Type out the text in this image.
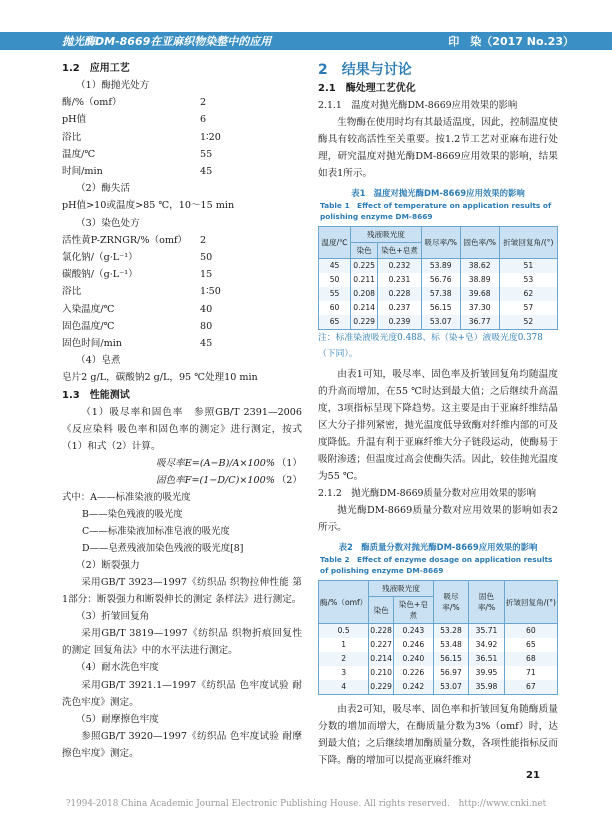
抛光酶DM-8669在亚麻织物染整中的应用	印　染（2017 No.23）
1.2　应用工艺
（1）酶抛光处方
酶/%（omf）	2
pH值	6
浴比	1∶20
温度/℃	55
时间/min	45
（2）酶失活
pH值>10或温度>85 ℃，10～15 min
（3）染色处方
活性黄P-ZRNGR/%（omf）	2
氯化钠/（g·L⁻¹）	50
碳酸钠/（g·L⁻¹）	15
浴比	1∶50
入染温度/℃	40
固色温度/℃	80
固色时间/min	45
（4）皂煮
皂片2 g/L，碳酸钠2 g/L，95 ℃处理10 min
1.3　性能测试
（1）吸尽率和固色率　参照GB/T 2391—2006《反应染料 吸色率和固色率的测定》进行测定，按式（1）和式（2）计算。
吸尽率E=(A−B)/A×100% （1）
固色率F=(1−D/C)×100% （2）
式中：A——标准染液的吸光度
B——染色残液的吸光度
C——标准染液加标准皂液的吸光度
D——皂煮残液加染色残液的吸光度[8]
（2）断裂强力
采用GB/T 3923—1997《纺织品 织物拉伸性能 第1部分：断裂强力和断裂伸长的测定 条样法》进行测定。
（3）折皱回复角
采用GB/T 3819—1997《纺织品 织物折痕回复性的测定 回复角法》中的水平法进行测定。
（4）耐水洗色牢度
采用GB/T 3921.1—1997《纺织品 色牢度试验 耐洗色牢度》测定。
（5）耐摩擦色牢度
参照GB/T 3920—1997《纺织品 色牢度试验 耐摩擦色牢度》测定。
2　结果与讨论
2.1　酶处理工艺优化
2.1.1　温度对抛光酶DM-8669应用效果的影响
生物酶在使用时均有其最适温度，因此，控制温度使酶具有较高活性至关重要。按1.2节工艺对亚麻布进行处理，研究温度对抛光酶DM-8669应用效果的影响，结果如表1所示。
表1　温度对抛光酶DM-8669应用效果的影响
Table 1　Effect of temperature on application results of polishing enzyme DM-8669
温度/℃	残液吸光度		吸尽率/%	固色率/%	折皱回复角/(°)
	染色	染色+皂煮			
45	0.225	0.232	53.89	38.62	51
50	0.211	0.231	56.76	38.89	53
55	0.208	0.228	57.38	39.68	62
60	0.214	0.237	56.15	37.30	57
65	0.229	0.239	53.07	36.77	52
注：标准染液吸光度0.488、标（染+皂）液吸光度0.378（下同）。
由表1可知，吸尽率、固色率及折皱回复角均随温度的升高而增加，在55 ℃时达到最大值；之后继续升高温度，3项指标呈现下降趋势。这主要是由于亚麻纤维结晶区大分子排列紧密，抛光温度低导致酶对纤维内部的可及度降低。升温有利于亚麻纤维大分子链段运动，使酶易于吸附渗透；但温度过高会使酶失活。因此，较佳抛光温度为55 ℃。
2.1.2　抛光酶DM-8669质量分数对应用效果的影响
抛光酶DM-8669质量分数对应用效果的影响如表2所示。
表2　酶质量分数对抛光酶DM-8669应用效果的影响
Table 2　Effect of enzyme dosage on application results of polishing enzyme DM-8669
酶/%（omf）	残液吸光度		吸尽率/%	固色率/%	折皱回复角/(°)
	染色	染色+皂煮			
0.5	0.228	0.243	53.28	35.71	60
1	0.227	0.246	53.48	34.92	65
2	0.214	0.240	56.15	36.51	68
3	0.210	0.226	56.97	39.95	71
4	0.229	0.242	53.07	35.98	67
由表2可知，吸尽率、固色率和折皱回复角随酶质量分数的增加而增大，在酶质量分数为3%（omf）时，达到最大值；之后继续增加酶质量分数，各项性能指标反而下降。酶的增加可以提高亚麻纤维对
21
?1994-2018 China Academic Journal Electronic Publishing House. All rights reserved.　http://www.cnki.net
